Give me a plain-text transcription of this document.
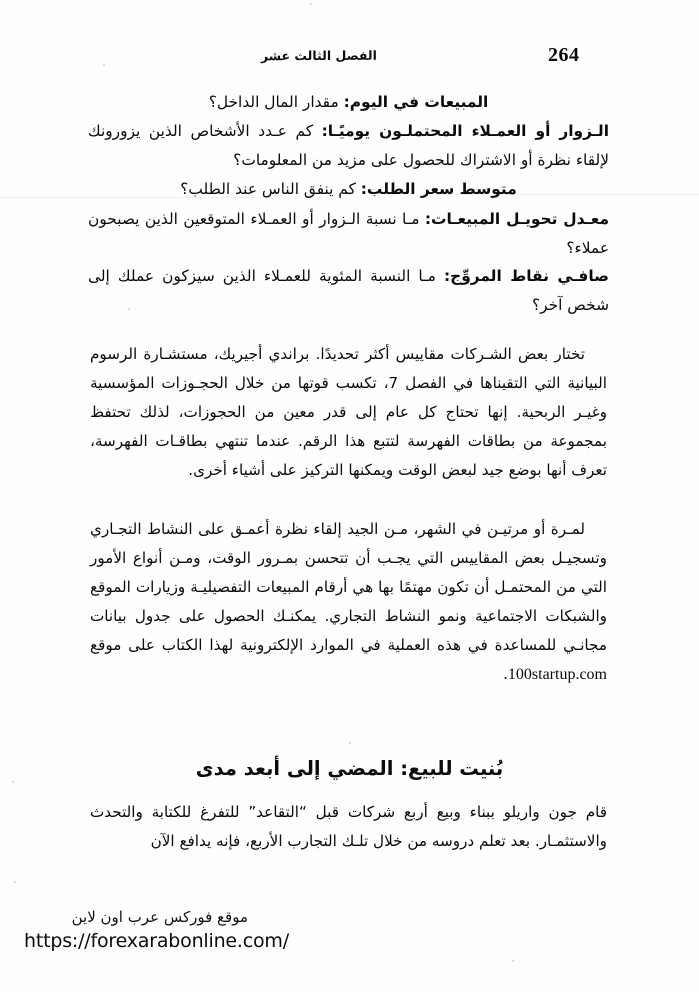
الفصل الثالث عشر	264
المبيعات في اليوم: مقدار المال الداخل؟
الـزوار أو العمـلاء المحتملـون يوميًـا: كم عـدد الأشخاص الذين يزورونك لإلقاء نظرة أو الاشتراك للحصول على مزيد من المعلومات؟
متوسط سعر الطلب: كم ينفق الناس عند الطلب؟
معـدل تحويـل المبيعـات: مـا نسبة الـزوار أو العمـلاء المتوقعين الذين يصبحون عملاء؟
صافـي نقاط المروِّج: مـا النسبة المئوية للعمـلاء الذين سيزكون عملك إلى شخص آخر؟
تختار بعض الشـركات مقاييس أكثر تحديدًا. براندي أجيريك، مستشـارة الرسوم البيانية التي التقيناها في الفصل 7، تكسب قوتها من خلال الحجـوزات المؤسسية وغيـر الربحية. إنها تحتاج كل عام إلى قدر معين من الحجوزات، لذلك تحتفظ بمجموعة من بطاقات الفهرسة لتتبع هذا الرقم. عندما تنتهي بطاقـات الفهرسة، تعرف أنها بوضع جيد لبعض الوقت ويمكنها التركيز على أشياء أخرى.
لمـرة أو مرتيـن في الشهر، مـن الجيد إلقاء نظرة أعمـق على النشاط التجـاري وتسجيـل بعض المقاييس التي يجـب أن تتحسن بمـرور الوقت، ومـن أنواع الأمور التي من المحتمـل أن تكون مهتمًا بها هي أرقام المبيعات التفصيليـة وزيارات الموقع والشبكات الاجتماعية ونمو النشاط التجاري. يمكنـك الحصول على جدول بيانات مجانـي للمساعدة في هذه العملية في الموارد الإلكترونية لهذا الكتاب على موقع 100startup.com.
بُنيت للبيع: المضي إلى أبعد مدى
قام جون واريلو ببناء وبيع أربع شركات قبل “التقاعد” للتفرغ للكتابة والتحدث والاستثمـار. بعد تعلم دروسه من خلال تلـك التجارب الأربع، فإنه يدافع الآن
موقع فوركس عرب اون لاين
https://forexarabonline.com/
